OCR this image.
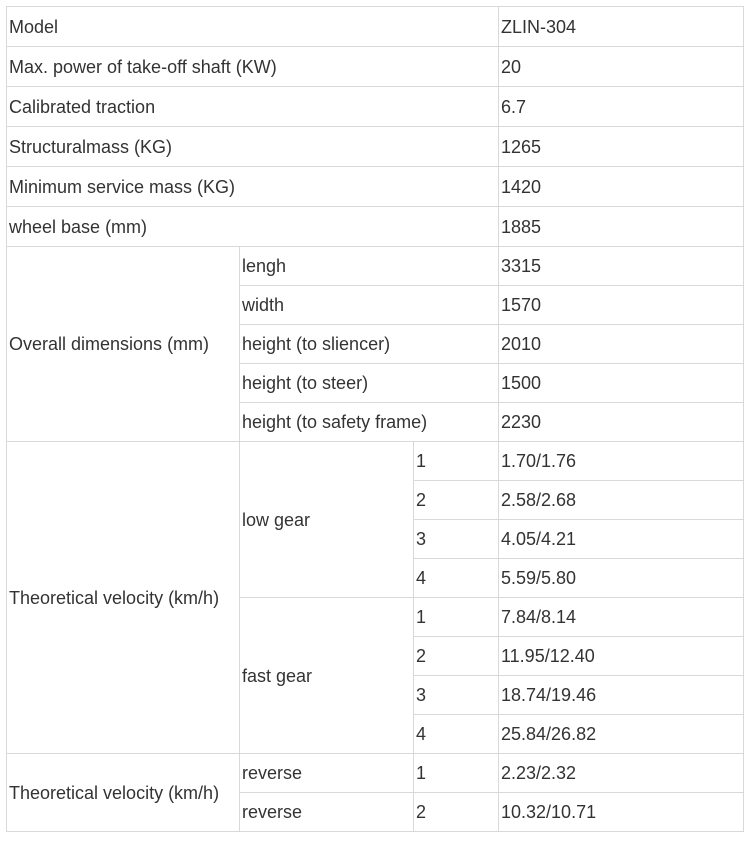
Model			ZLIN-304
Max. power of take-off shaft (KW)			20
Calibrated traction			6.7
Structuralmass (KG)			1265
Minimum service mass (KG)			1420
wheel base (mm)			1885
Overall dimensions (mm)	lengh		3315
	width		1570
	height (to sliencer)		2010
	height (to steer)		1500
	height (to safety frame)		2230
Theoretical velocity (km/h)	low gear	1	1.70/1.76
		2	2.58/2.68
		3	4.05/4.21
		4	5.59/5.80
	fast gear	1	7.84/8.14
		2	11.95/12.40
		3	18.74/19.46
		4	25.84/26.82
Theoretical velocity (km/h)	reverse	1	2.23/2.32
	reverse	2	10.32/10.71
